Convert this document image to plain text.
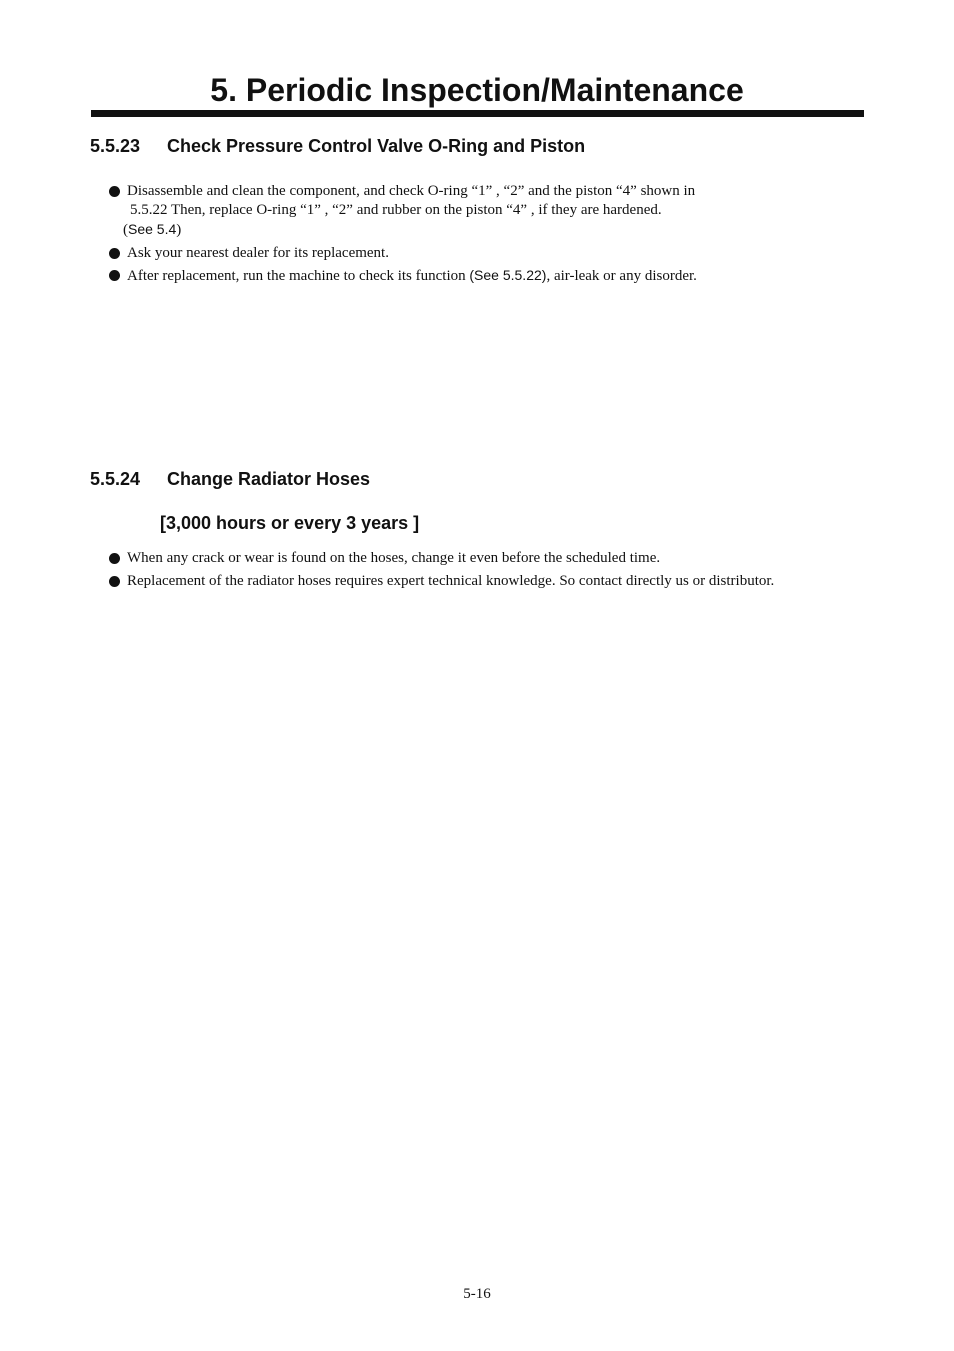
5. Periodic Inspection/Maintenance
5.5.23 Check Pressure Control Valve O-Ring and Piston
Disassemble and clean the component, and check O-ring “1” , “2” and the piston “4” shown in
5.5.22 Then, replace O-ring “1” , “2” and rubber on the piston “4” , if they are hardened.
(See 5.4)
Ask your nearest dealer for its replacement.
After replacement, run the machine to check its function (See 5.5.22), air-leak or any disorder.
5.5.24 Change Radiator Hoses

[3,000 hours or every 3 years ]

When any crack or wear is found on the hoses, change it even before the scheduled time.
Replacement of the radiator hoses requires expert technical knowledge. So contact directly us or distributor.
5-16
